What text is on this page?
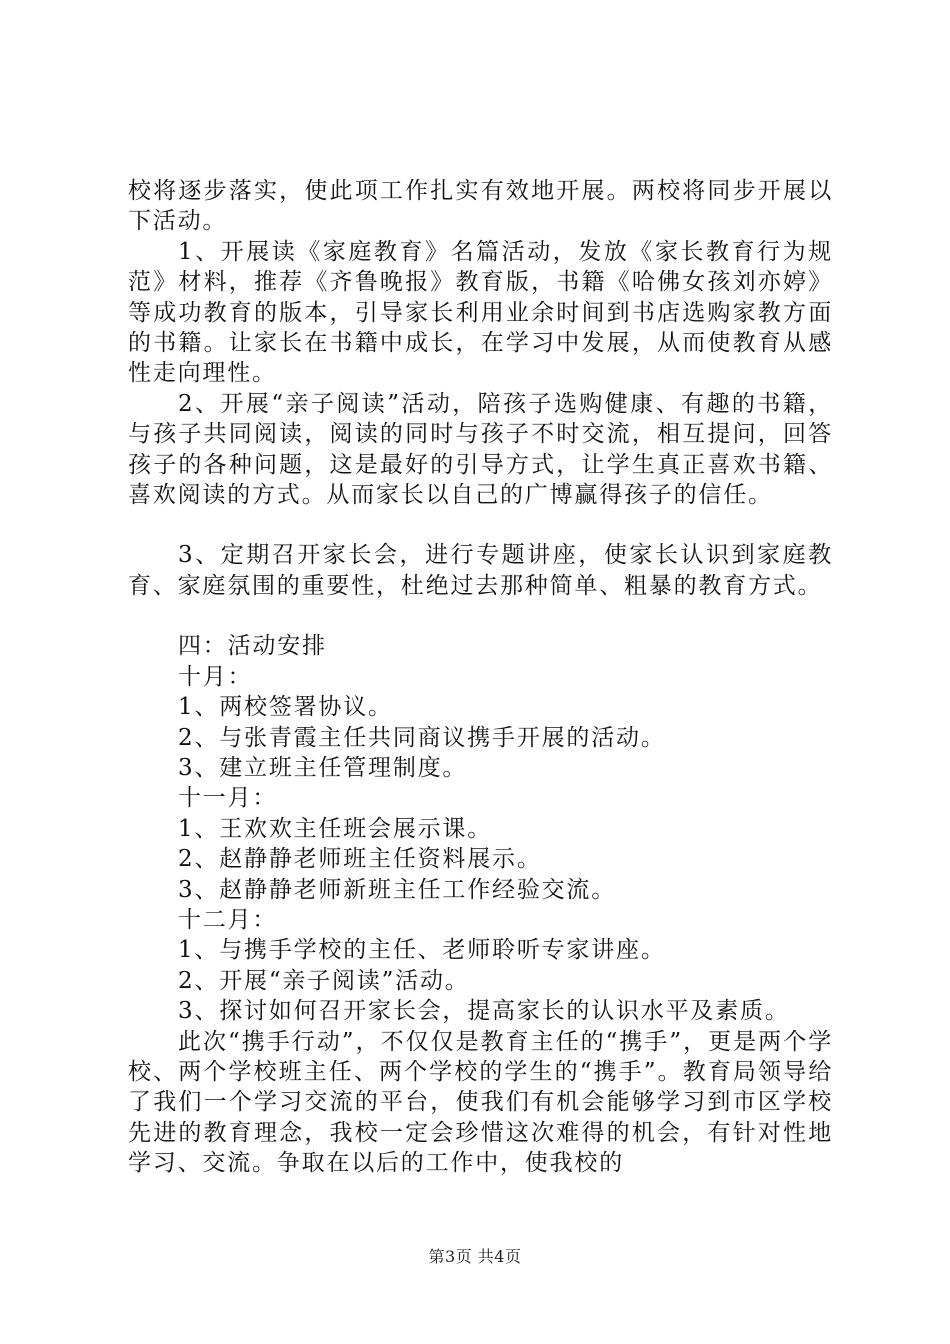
校将逐步落实，使此项工作扎实有效地开展。两校将同步开展以下活动。

1、开展读《家庭教育》名篇活动，发放《家长教育行为规范》材料，推荐《齐鲁晚报》教育版，书籍《哈佛女孩刘亦婷》等成功教育的版本，引导家长利用业余时间到书店选购家教方面的书籍。让家长在书籍中成长，在学习中发展，从而使教育从感性走向理性。

2、开展“亲子阅读”活动，陪孩子选购健康、有趣的书籍，与孩子共同阅读，阅读的同时与孩子不时交流，相互提问，回答孩子的各种问题，这是最好的引导方式，让学生真正喜欢书籍、喜欢阅读的方式。从而家长以自己的广博赢得孩子的信任。

3、定期召开家长会，进行专题讲座，使家长认识到家庭教育、家庭氛围的重要性，杜绝过去那种简单、粗暴的教育方式。

四：活动安排

十月：

1、两校签署协议。

2、与张青霞主任共同商议携手开展的活动。

3、建立班主任管理制度。

十一月：

1、王欢欢主任班会展示课。

2、赵静静老师班主任资料展示。

3、赵静静老师新班主任工作经验交流。

十二月：

1、与携手学校的主任、老师聆听专家讲座。

2、开展“亲子阅读”活动。

3、探讨如何召开家长会，提高家长的认识水平及素质。

此次“携手行动”，不仅仅是教育主任的“携手”，更是两个学校、两个学校班主任、两个学校的学生的“携手”。教育局领导给了我们一个学习交流的平台，使我们有机会能够学习到市区学校先进的教育理念，我校一定会珍惜这次难得的机会，有针对性地学习、交流。争取在以后的工作中，使我校的

第3页 共4页
